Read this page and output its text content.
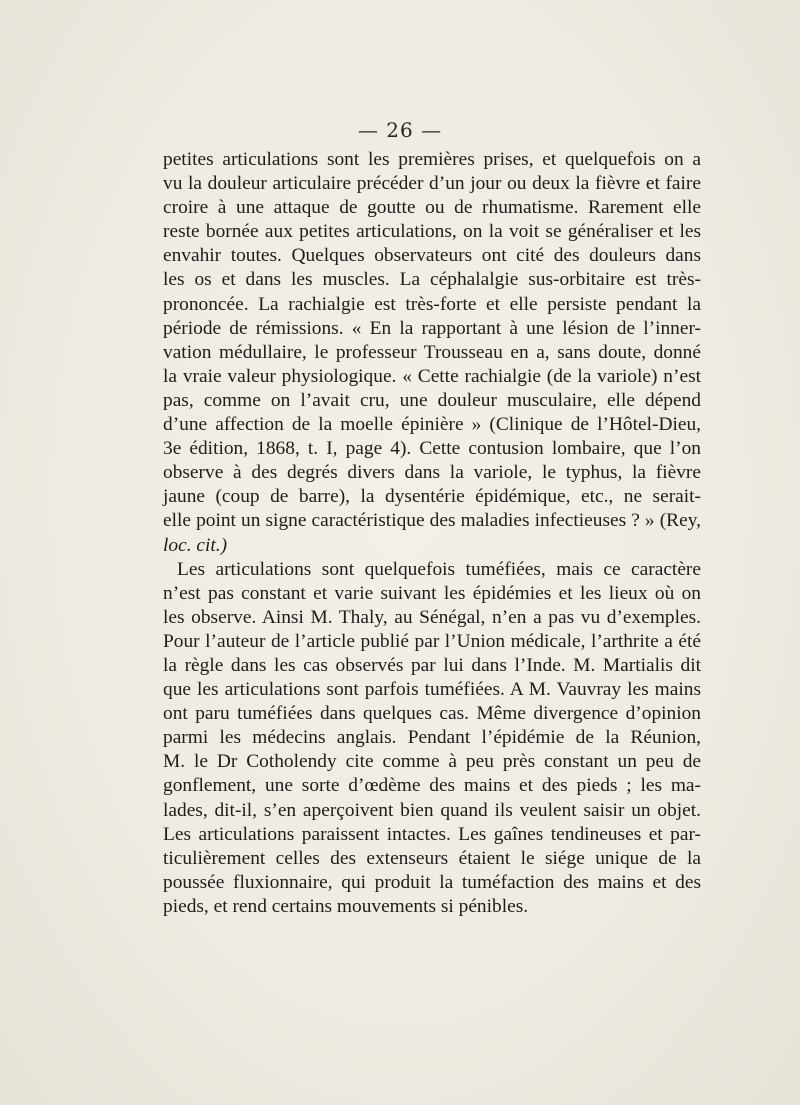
— 26 —
petites articulations sont les premières prises, et quelquefois on a
vu la douleur articulaire précéder d’un jour ou deux la fièvre et faire
croire à une attaque de goutte ou de rhumatisme. Rarement elle
reste bornée aux petites articulations, on la voit se généraliser et les
envahir toutes. Quelques observateurs ont cité des douleurs dans
les os et dans les muscles. La céphalalgie sus-orbitaire est très-
prononcée. La rachialgie est très-forte et elle persiste pendant la
période de rémissions. « En la rapportant à une lésion de l’inner-
vation médullaire, le professeur Trousseau en a, sans doute, donné
la vraie valeur physiologique. « Cette rachialgie (de la variole) n’est
pas, comme on l’avait cru, une douleur musculaire, elle dépend
d’une affection de la moelle épinière » (Clinique de l’Hôtel-Dieu,
3e édition, 1868, t. I, page 4). Cette contusion lombaire, que l’on
observe à des degrés divers dans la variole, le typhus, la fièvre
jaune (coup de barre), la dysentérie épidémique, etc., ne serait-
elle point un signe caractéristique des maladies infectieuses ? » (Rey,
loc. cit.)
Les articulations sont quelquefois tuméfiées, mais ce caractère
n’est pas constant et varie suivant les épidémies et les lieux où on
les observe. Ainsi M. Thaly, au Sénégal, n’en a pas vu d’exemples.
Pour l’auteur de l’article publié par l’Union médicale, l’arthrite a été
la règle dans les cas observés par lui dans l’Inde. M. Martialis dit
que les articulations sont parfois tuméfiées. A M. Vauvray les mains
ont paru tuméfiées dans quelques cas. Même divergence d’opinion
parmi les médecins anglais. Pendant l’épidémie de la Réunion,
M. le Dr Cotholendy cite comme à peu près constant un peu de
gonflement, une sorte d’œdème des mains et des pieds ; les ma-
lades, dit-il, s’en aperçoivent bien quand ils veulent saisir un objet.
Les articulations paraissent intactes. Les gaînes tendineuses et par-
ticulièrement celles des extenseurs étaient le siége unique de la
poussée fluxionnaire, qui produit la tuméfaction des mains et des
pieds, et rend certains mouvements si pénibles.
